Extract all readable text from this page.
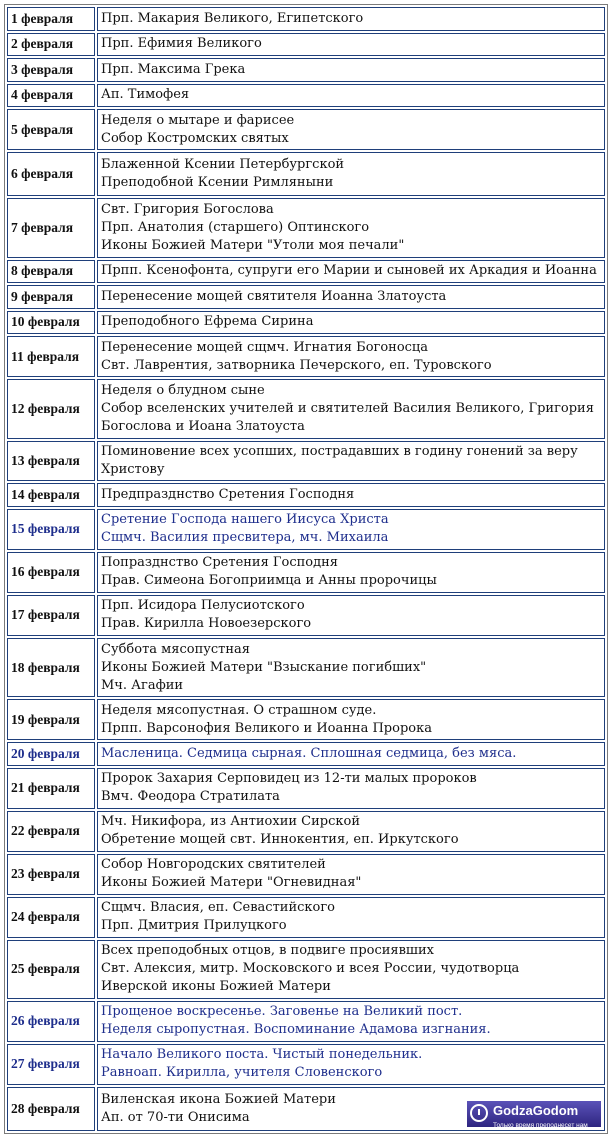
1 февраля	Прп. Макария Великого, Египетского

2 февраля	Прп. Ефимия Великого

3 февраля	Прп. Максима Грека

4 февраля	Ап. Тимофея

5 февраля	Неделя о мытаре и фарисее
Собор Костромских святых

6 февраля	Блаженной Ксении Петербургской
Преподобной Ксении Римляныни

7 февраля	Свт. Григория Богослова
Прп. Анатолия (старшего) Оптинского
Иконы Божией Матери "Утоли моя печали"

8 февраля	Прпп. Ксенофонта, супруги его Марии и сыновей их Аркадия и Иоанна

9 февраля	Перенесение мощей святителя Иоанна Златоуста

10 февраля	Преподобного Ефрема Сирина

11 февраля	Перенесение мощей сщмч. Игнатия Богоносца
Свт. Лаврентия, затворника Печерского, еп. Туровского

12 февраля	Неделя о блудном сыне
Собор вселенских учителей и святителей Василия Великого, Григория Богослова и Иоана Златоуста

13 февраля	Поминовение всех усопших, пострадавших в годину гонений за веру Христову

14 февраля	Предпразднство Сретения Господня

15 февраля	Сретение Господа нашего Иисуса Христа
Сщмч. Василия пресвитера, мч. Михаила

16 февраля	Попразднство Сретения Господня
Прав. Симеона Богоприимца и Анны пророчицы

17 февраля	Прп. Исидора Пелусиотского
Прав. Кирилла Новоезерского

18 февраля	Суббота мясопустная
Иконы Божией Матери "Взыскание погибших"
Мч. Агафии

19 февраля	Неделя мясопустная. О страшном суде.
Прпп. Варсонофия Великого и Иоанна Пророка

20 февраля	Масленица. Седмица сырная. Сплошная седмица, без мяса.

21 февраля	Пророк Захария Серповидец из 12-ти малых пророков
Вмч. Феодора Стратилата

22 февраля	Мч. Никифора, из Антиохии Сирской
Обретение мощей свт. Иннокентия, еп. Иркутского

23 февраля	Собор Новгородских святителей
Иконы Божией Матери "Огневидная"

24 февраля	Сщмч. Власия, еп. Севастийского
Прп. Дмитрия Прилуцкого

25 февраля	Всех преподобных отцов, в подвиге просиявших
Свт. Алексия, митр. Московского и всея России, чудотворца
Иверской иконы Божией Матери

26 февраля	Прощеное воскресенье. Заговенье на Великий пост.
Неделя сыропустная. Воспоминание Адамова изгнания.

27 февраля	Начало Великого поста. Чистый понедельник.
Равноап. Кирилла, учителя Словенского

28 февраля	Виленская икона Божией Матери
Ап. от 70-ти Онисима GodzaGodom
Только время преподнесет нам
